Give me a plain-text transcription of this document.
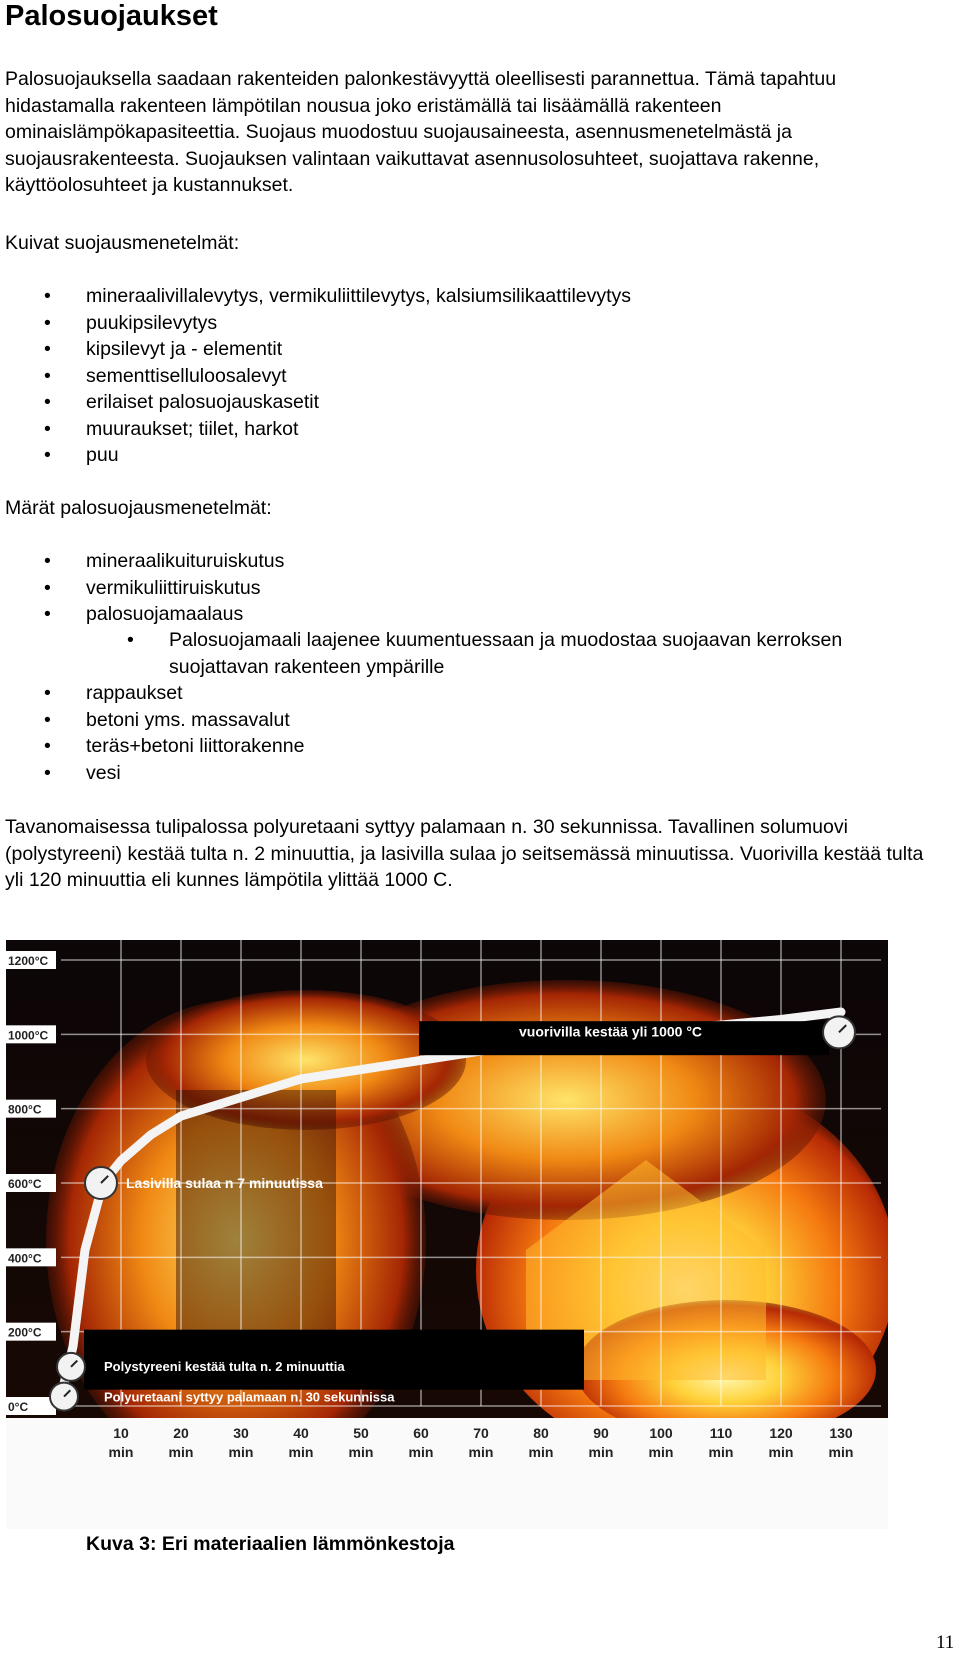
Palosuojaukset
Palosuojauksella saadaan rakenteiden palonkestävyyttä oleellisesti parannettua. Tämä tapahtuu hidastamalla rakenteen lämpötilan nousua joko eristämällä tai lisäämällä rakenteen ominaislämpökapasiteettia. Suojaus muodostuu suojausaineesta, asennusmenetelmästä ja suojausrakenteesta. Suojauksen valintaan vaikuttavat asennusolosuhteet, suojattava rakenne, käyttöolosuhteet ja kustannukset.
Kuivat suojausmenetelmät:
• mineraalivillalevytys, vermikuliittilevytys, kalsiumsilikaattilevytys
• puukipsilevytys
• kipsilevyt ja - elementit
• sementtiselluloosalevyt
• erilaiset palosuojauskasetit
• muuraukset; tiilet, harkot
• puu
Märät palosuojausmenetelmät:
• mineraalikuituruiskutus
• vermikuliittiruiskutus
• palosuojamaalaus
• Palosuojamaali laajenee kuumentuessaan ja muodostaa suojaavan kerroksen suojattavan rakenteen ympärille
• rappaukset
• betoni yms. massavalut
• teräs+betoni liittorakenne
• vesi
Tavanomaisessa tulipalossa polyuretaani syttyy palamaan n. 30 sekunnissa. Tavallinen solumuovi (polystyreeni) kestää tulta n. 2 minuuttia, ja lasivilla sulaa jo seitsemässä minuutissa. Vuorivilla kestää tulta yli 120 minuuttia eli kunnes lämpötila ylittää 1000 C.
1200°C
1000°C
800°C
600°C
400°C
200°C
0°C
10
min
20
min
30
min
40
min
50
min
60
min
70
min
80
min
90
min
100
min
110
min
120
min
130
min
vuorivilla kestää yli 1000 °C
Lasivilla sulaa n 7 minuutissa
Polystyreeni kestää tulta n. 2 minuuttia
Polyuretaani syttyy palamaan n. 30 sekunnissa
Kuva 3: Eri materiaalien lämmönkestoja
11
